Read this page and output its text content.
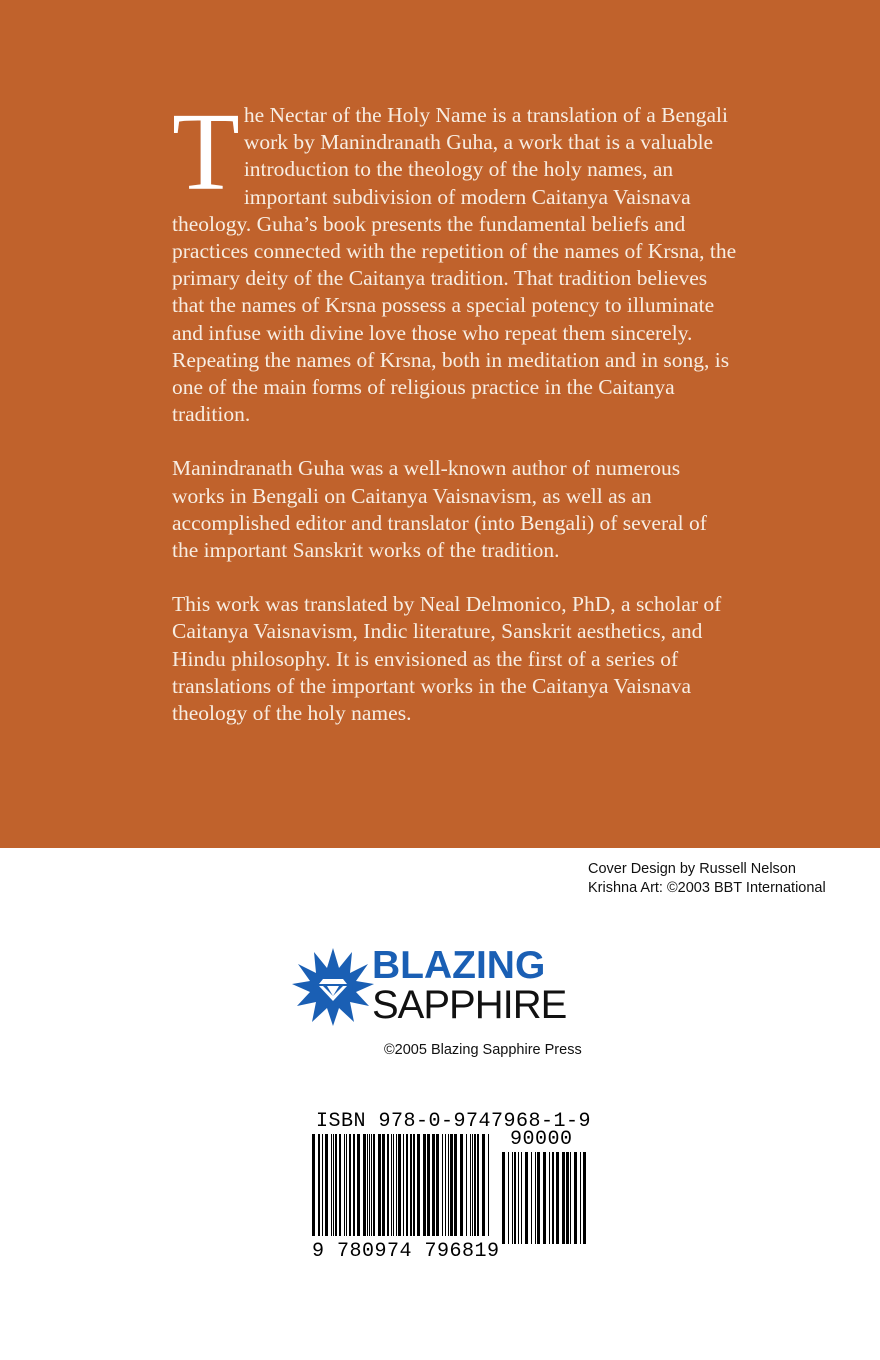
The Nectar of the Holy Name is a translation of a Bengali work by Manindranath Guha, a work that is a valuable introduction to the theology of the holy names, an important subdivision of modern Caitanya Vaisnava theology. Guha’s book presents the fundamental beliefs and practices connected with the repetition of the names of Krsna, the primary deity of the Caitanya tradition. That tradition believes that the names of Krsna possess a special potency to illuminate and infuse with divine love those who repeat them sincerely. Repeating the names of Krsna, both in meditation and in song, is one of the main forms of religious practice in the Caitanya tradition.

Manindranath Guha was a well-known author of numerous works in Bengali on Caitanya Vaisnavism, as well as an accomplished editor and translator (into Bengali) of several of the important Sanskrit works of the tradition.

This work was translated by Neal Delmonico, PhD, a scholar of Caitanya Vaisnavism, Indic literature, Sanskrit aesthetics, and Hindu philosophy. It is envisioned as the first of a series of translations of the important works in the Caitanya Vaisnava theology of the holy names.

Cover Design by Russell Nelson
Krishna Art: ©2003 BBT International
BLAZING
SAPPHIRE
©2005 Blazing Sapphire Press
ISBN 978-0-9747968-1-9
90000
9 780974 796819
